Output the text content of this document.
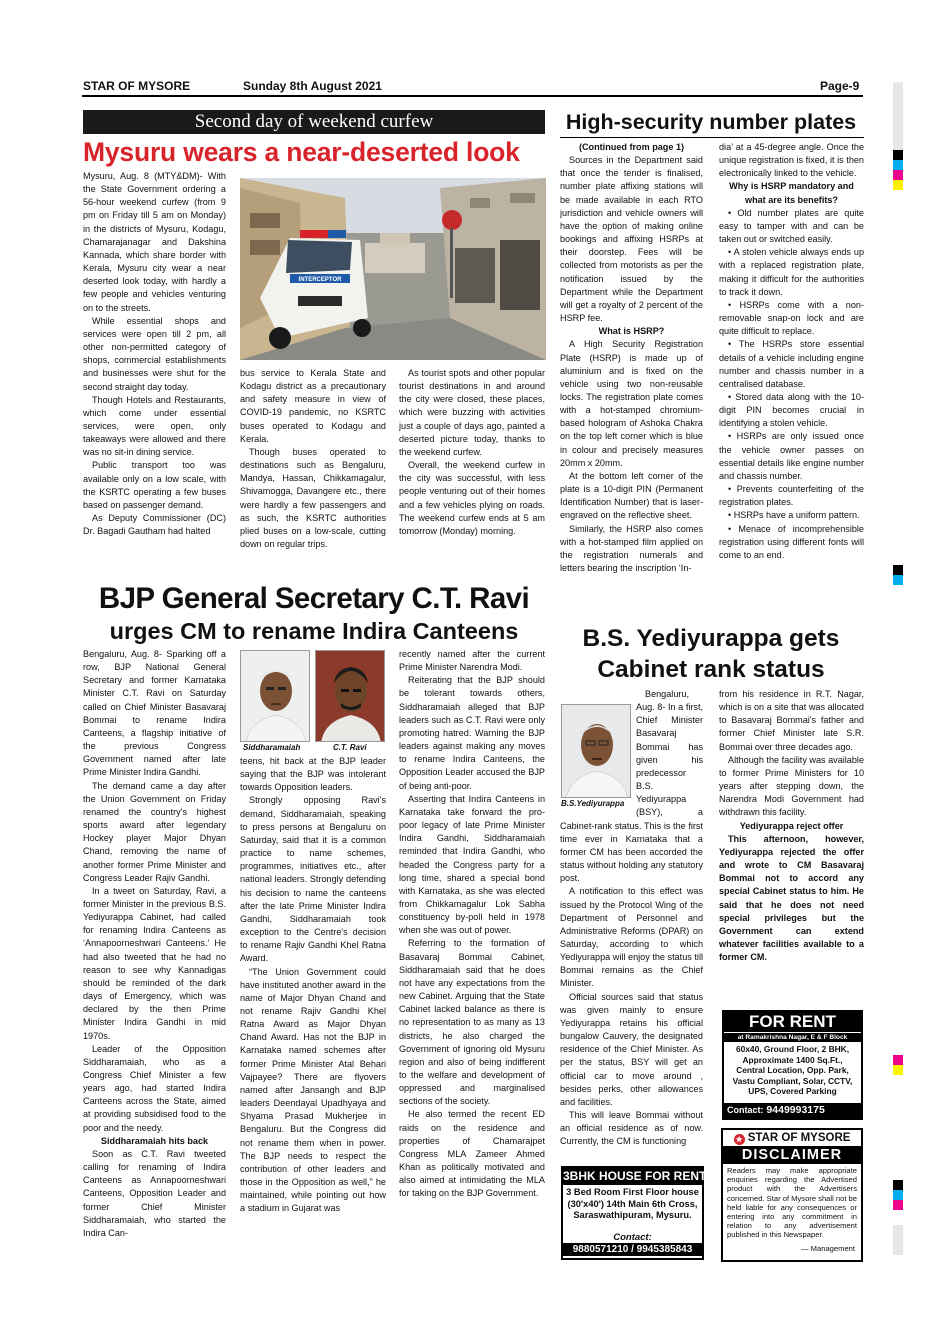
STAR OF MYSORE	Sunday 8th August 2021	Page-9
Second day of weekend curfew
Mysuru wears a near-deserted look

Mysuru, Aug. 8 (MTY&DM)- With the State Government ordering a 56-hour weekend curfew (from 9 pm on Friday till 5 am on Monday) in the districts of Mysuru, Kodagu, Chamarajanagar and Dakshina Kannada, which share border with Kerala, Mysuru city wear a near deserted look today, with hardly a few people and vehicles venturing on to the streets.

While essential shops and services were open till 2 pm, all other non-permitted category of shops, commercial establishments and businesses were shut for the second straight day today.

Though Hotels and Restaurants, which come under essential services, were open, only takeaways were allowed and there was no sit-in dining service.

Public transport too was available only on a low scale, with the KSRTC operating a few buses based on passenger demand.

As Deputy Commissioner (DC) Dr. Bagadi Gautham had halted

INTERCEPTOR

bus service to Kerala State and Kodagu district as a precautionary and safety measure in view of COVID-19 pandemic, no KSRTC buses operated to Kodagu and Kerala.

Though buses operated to destinations such as Bengaluru, Mandya, Hassan, Chikkamagalur, Shivamogga, Davangere etc., there were hardly a few passengers and as such, the KSRTC authorities plied buses on a low-scale, cutting down on regular trips.

As tourist spots and other popular tourist destinations in and around the city were closed, these places, which were buzzing with activities just a couple of days ago, painted a deserted picture today, thanks to the weekend curfew.

Overall, the weekend curfew in the city was successful, with less people venturing out of their homes and a few vehicles plying on roads. The weekend curfew ends at 5 am tomorrow (Monday) morning.

BJP General Secretary C.T. Ravi
urges CM to rename Indira Canteens

Bengaluru, Aug. 8- Sparking off a row, BJP National General Secretary and former Karnataka Minister C.T. Ravi on Saturday called on Chief Minister Basavaraj Bommai to rename Indira Canteens, a flagship initiative of the previous Congress Government named after late Prime Minister Indira Gandhi.

The demand came a day after the Union Government on Friday renamed the country's highest sports award after legendary Hockey player Major Dhyan Chand, removing the name of another former Prime Minister and Congress Leader Rajiv Gandhi.

In a tweet on Saturday, Ravi, a former Minister in the previous B.S. Yediyurappa Cabinet, had called for renaming Indira Canteens as ‘Annapoorneshwari Canteens.’ He had also tweeted that he had no reason to see why Kannadigas should be reminded of the dark days of Emergency, which was declared by the then Prime Minister Indira Gandhi in mid 1970s.

Leader of the Opposition Siddharamaiah, who as a Congress Chief Minister a few years ago, had started Indira Canteens across the State, aimed at providing subsidised food to the poor and the needy.

Siddharamaiah hits back

Soon as C.T. Ravi tweeted calling for renaming of Indira Canteens as Annapoorneshwari Canteens, Opposition Leader and former Chief Minister Siddharamaiah, who started the Indira Can-

Siddharamaiah	C.T. Ravi

teens, hit back at the BJP leader saying that the BJP was intolerant towards Opposition leaders.

Strongly opposing Ravi's demand, Siddharamaiah, speaking to press persons at Bengaluru on Saturday, said that it is a common practice to name schemes, programmes, initiatives etc., after national leaders. Strongly defending his decision to name the canteens after the late Prime Minister Indira Gandhi, Siddharamaiah took exception to the Centre's decision to rename Rajiv Gandhi Khel Ratna Award.

“The Union Government could have instituted another award in the name of Major Dhyan Chand and not rename Rajiv Gandhi Khel Ratna Award as Major Dhyan Chand Award. Has not the BJP in Karnataka named schemes after former Prime Minister Atal Behari Vajpayee? There are flyovers named after Jansangh and BJP leaders Deendayal Upadhyaya and Shyama Prasad Mukherjee in Bengaluru. But the Congress did not rename them when in power. The BJP needs to respect the contribution of other leaders and those in the Opposition as well,” he maintained, while pointing out how a stadium in Gujarat was

recently named after the current Prime Minister Narendra Modi.

Reiterating that the BJP should be tolerant towards others, Siddharamaiah alleged that BJP leaders such as C.T. Ravi were only promoting hatred. Warning the BJP leaders against making any moves to rename Indira Canteens, the Opposition Leader accused the BJP of being anti-poor.

Asserting that Indira Canteens in Karnataka take forward the pro-poor legacy of late Prime Minister Indira Gandhi, Siddharamaiah reminded that Indira Gandhi, who headed the Congress party for a long time, shared a special bond with Karnataka, as she was elected from Chikkamagalur Lok Sabha constituency by-poll held in 1978 when she was out of power.

Referring to the formation of Basavaraj Bommai Cabinet, Siddharamaiah said that he does not have any expectations from the new Cabinet. Arguing that the State Cabinet lacked balance as there is no representation to as many as 13 districts, he also charged the Government of ignoring old Mysuru region and also of being indifferent to the welfare and development of oppressed and marginalised sections of the society.

He also termed the recent ED raids on the residence and properties of Chamarajpet Congress MLA Zameer Ahmed Khan as politically motivated and also aimed at intimidating the MLA for taking on the BJP Government.

High-security number plates

(Continued from page 1)

Sources in the Department said that once the tender is finalised, number plate affixing stations will be made available in each RTO jurisdiction and vehicle owners will have the option of making online bookings and affixing HSRPs at their doorstep. Fees will be collected from motorists as per the notification issued by the Department while the Department will get a royalty of 2 percent of the HSRP fee.

What is HSRP?

A High Security Registration Plate (HSRP) is made up of aluminium and is fixed on the vehicle using two non-reusable locks. The registration plate comes with a hot-stamped chromium-based hologram of Ashoka Chakra on the top left corner which is blue in colour and precisely measures 20mm x 20mm.

At the bottom left corner of the plate is a 10-digit PIN (Permanent Identification Number) that is laser-engraved on the reflective sheet.

Similarly, the HSRP also comes with a hot-stamped film applied on the registration numerals and letters bearing the inscription ‘In-

dia’ at a 45-degree angle. Once the unique registration is fixed, it is then electronically linked to the vehicle.

Why is HSRP mandatory and what are its benefits?

• Old number plates are quite easy to tamper with and can be taken out or switched easily.

• A stolen vehicle always ends up with a replaced registration plate, making it difficult for the authorities to track it down.

• HSRPs come with a non-removable snap-on lock and are quite difficult to replace.

• The HSRPs store essential details of a vehicle including engine number and chassis number in a centralised database.

• Stored data along with the 10-digit PIN becomes crucial in identifying a stolen vehicle.

• HSRPs are only issued once the vehicle owner passes on essential details like engine number and chassis number.

• Prevents counterfeiting of the registration plates.

• HSRPs have a uniform pattern.

• Menace of incomprehensible registration using different fonts will come to an end.

B.S. Yediyurappa gets
Cabinet rank status
B.S.Yediyurappa

Bengaluru, Aug. 8- In a first, Chief Minister Basavaraj Bommai has given his predecessor B.S. Yediyurappa (BSY), a Cabinet-rank status. This is the first time ever in Karnataka that a former CM has been accorded the status without holding any statutory post.

A notification to this effect was issued by the Protocol Wing of the Department of Personnel and Administrative Reforms (DPAR) on Saturday, according to which Yediyurappa will enjoy the status till Bommai remains as the Chief Minister.

Official sources said that status was given mainly to ensure Yediyurappa retains his official bungalow Cauvery, the designated residence of the Chief Minister. As per the status, BSY will get an official car to move around , besides perks, other allowances and facilities.

This will leave Bommai without an official residence as of now. Currently, the CM is functioning

from his residence in R.T. Nagar, which is on a site that was allocated to Basavaraj Bommai's father and former Chief Minister late S.R. Bommai over three decades ago.

Although the facility was available to former Prime Ministers for 10 years after stepping down, the Narendra Modi Government had withdrawn this facility.

Yediyurappa reject offer

This afternoon, however, Yediyurappa rejected the offer and wrote to CM Basavaraj Bommai not to accord any special Cabinet status to him. He said that he does not need special privileges but the Government can extend whatever facilities available to a former CM.

FOR RENT
at Ramakrishna Nagar, E & F Block
60x40, Ground Floor, 2 BHK, Approximate 1400 Sq.Ft., Central Location, Opp. Park, Vastu Compliant, Solar, CCTV, UPS, Covered Parking
Contact: 9449993175
3BHK HOUSE FOR RENT
3 Bed Room First Floor house (30'x40') 14th Main 6th Cross, Saraswathipuram, Mysuru.
Contact:
9880571210 / 9945385843
★ STAR OF MYSORE
DISCLAIMER
Readers may make appropriate enquiries regarding the Advertised product with the Advertisers concerned. Star of Mysore shall not be held liable for any consequences or entering into any commitment in relation to any advertisement published in this Newspaper.
— Management
